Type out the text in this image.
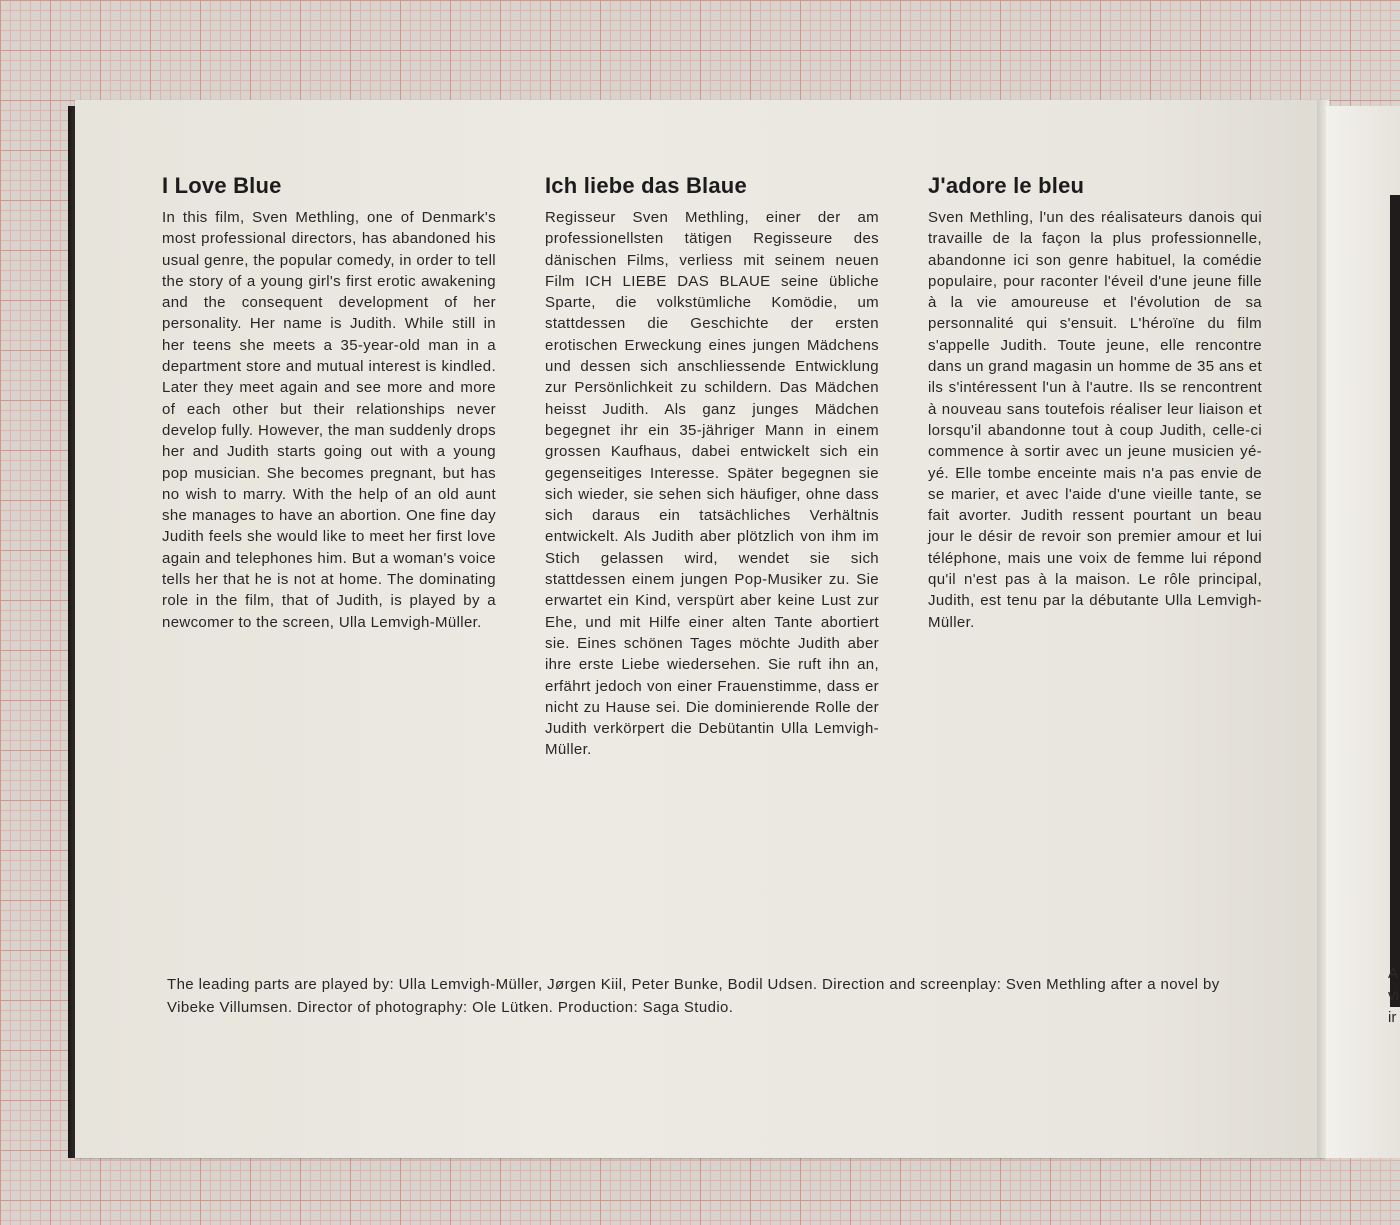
I Love Blue

In this film, Sven Methling, one of Denmark's most professional directors, has abandoned his usual genre, the popular comedy, in order to tell the story of a young girl's first erotic awakening and the consequent development of her personality. Her name is Judith. While still in her teens she meets a 35-year-old man in a department store and mutual interest is kindled. Later they meet again and see more and more of each other but their relationships never develop fully. However, the man suddenly drops her and Judith starts going out with a young pop musician. She becomes pregnant, but has no wish to marry. With the help of an old aunt she manages to have an abortion. One fine day Judith feels she would like to meet her first love again and telephones him. But a woman's voice tells her that he is not at home. The dominating role in the film, that of Judith, is played by a newcomer to the screen, Ulla Lemvigh-Müller.

Ich liebe das Blaue

Regisseur Sven Methling, einer der am professionellsten tätigen Regisseure des dänischen Films, verliess mit seinem neuen Film ICH LIEBE DAS BLAUE seine übliche Sparte, die volkstümliche Komödie, um stattdessen die Geschichte der ersten erotischen Erweckung eines jungen Mädchens und dessen sich anschliessende Entwicklung zur Persönlichkeit zu schildern. Das Mädchen heisst Judith. Als ganz junges Mädchen begegnet ihr ein 35-jähriger Mann in einem grossen Kaufhaus, dabei entwickelt sich ein gegenseitiges Interesse. Später begegnen sie sich wieder, sie sehen sich häufiger, ohne dass sich daraus ein tatsächliches Verhältnis entwickelt. Als Judith aber plötzlich von ihm im Stich gelassen wird, wendet sie sich stattdessen einem jungen Pop-Musiker zu. Sie erwartet ein Kind, verspürt aber keine Lust zur Ehe, und mit Hilfe einer alten Tante abortiert sie. Eines schönen Tages möchte Judith aber ihre erste Liebe wiedersehen. Sie ruft ihn an, erfährt jedoch von einer Frauenstimme, dass er nicht zu Hause sei. Die dominierende Rolle der Judith verkörpert die Debütantin Ulla Lemvigh-Müller.

J'adore le bleu

Sven Methling, l'un des réalisateurs danois qui travaille de la façon la plus professionnelle, abandonne ici son genre habituel, la comédie populaire, pour raconter l'éveil d'une jeune fille à la vie amoureuse et l'évolution de sa personnalité qui s'ensuit. L'héroïne du film s'appelle Judith. Toute jeune, elle rencontre dans un grand magasin un homme de 35 ans et ils s'intéressent l'un à l'autre. Ils se rencontrent à nouveau sans toutefois réaliser leur liaison et lorsqu'il abandonne tout à coup Judith, celle-ci commence à sortir avec un jeune musicien yé-yé. Elle tombe enceinte mais n'a pas envie de se marier, et avec l'aide d'une vieille tante, se fait avorter. Judith ressent pourtant un beau jour le désir de revoir son premier amour et lui téléphone, mais une voix de femme lui répond qu'il n'est pas à la maison. Le rôle principal, Judith, est tenu par la débutante Ulla Lemvigh-Müller.

The leading parts are played by: Ulla Lemvigh-Müller, Jørgen Kiil, Peter Bunke, Bodil Udsen. Direction and screenplay: Sven Methling after a novel by Vibeke Villumsen. Director of photography: Ole Lütken. Production: Saga Studio.
A
vi
ir
